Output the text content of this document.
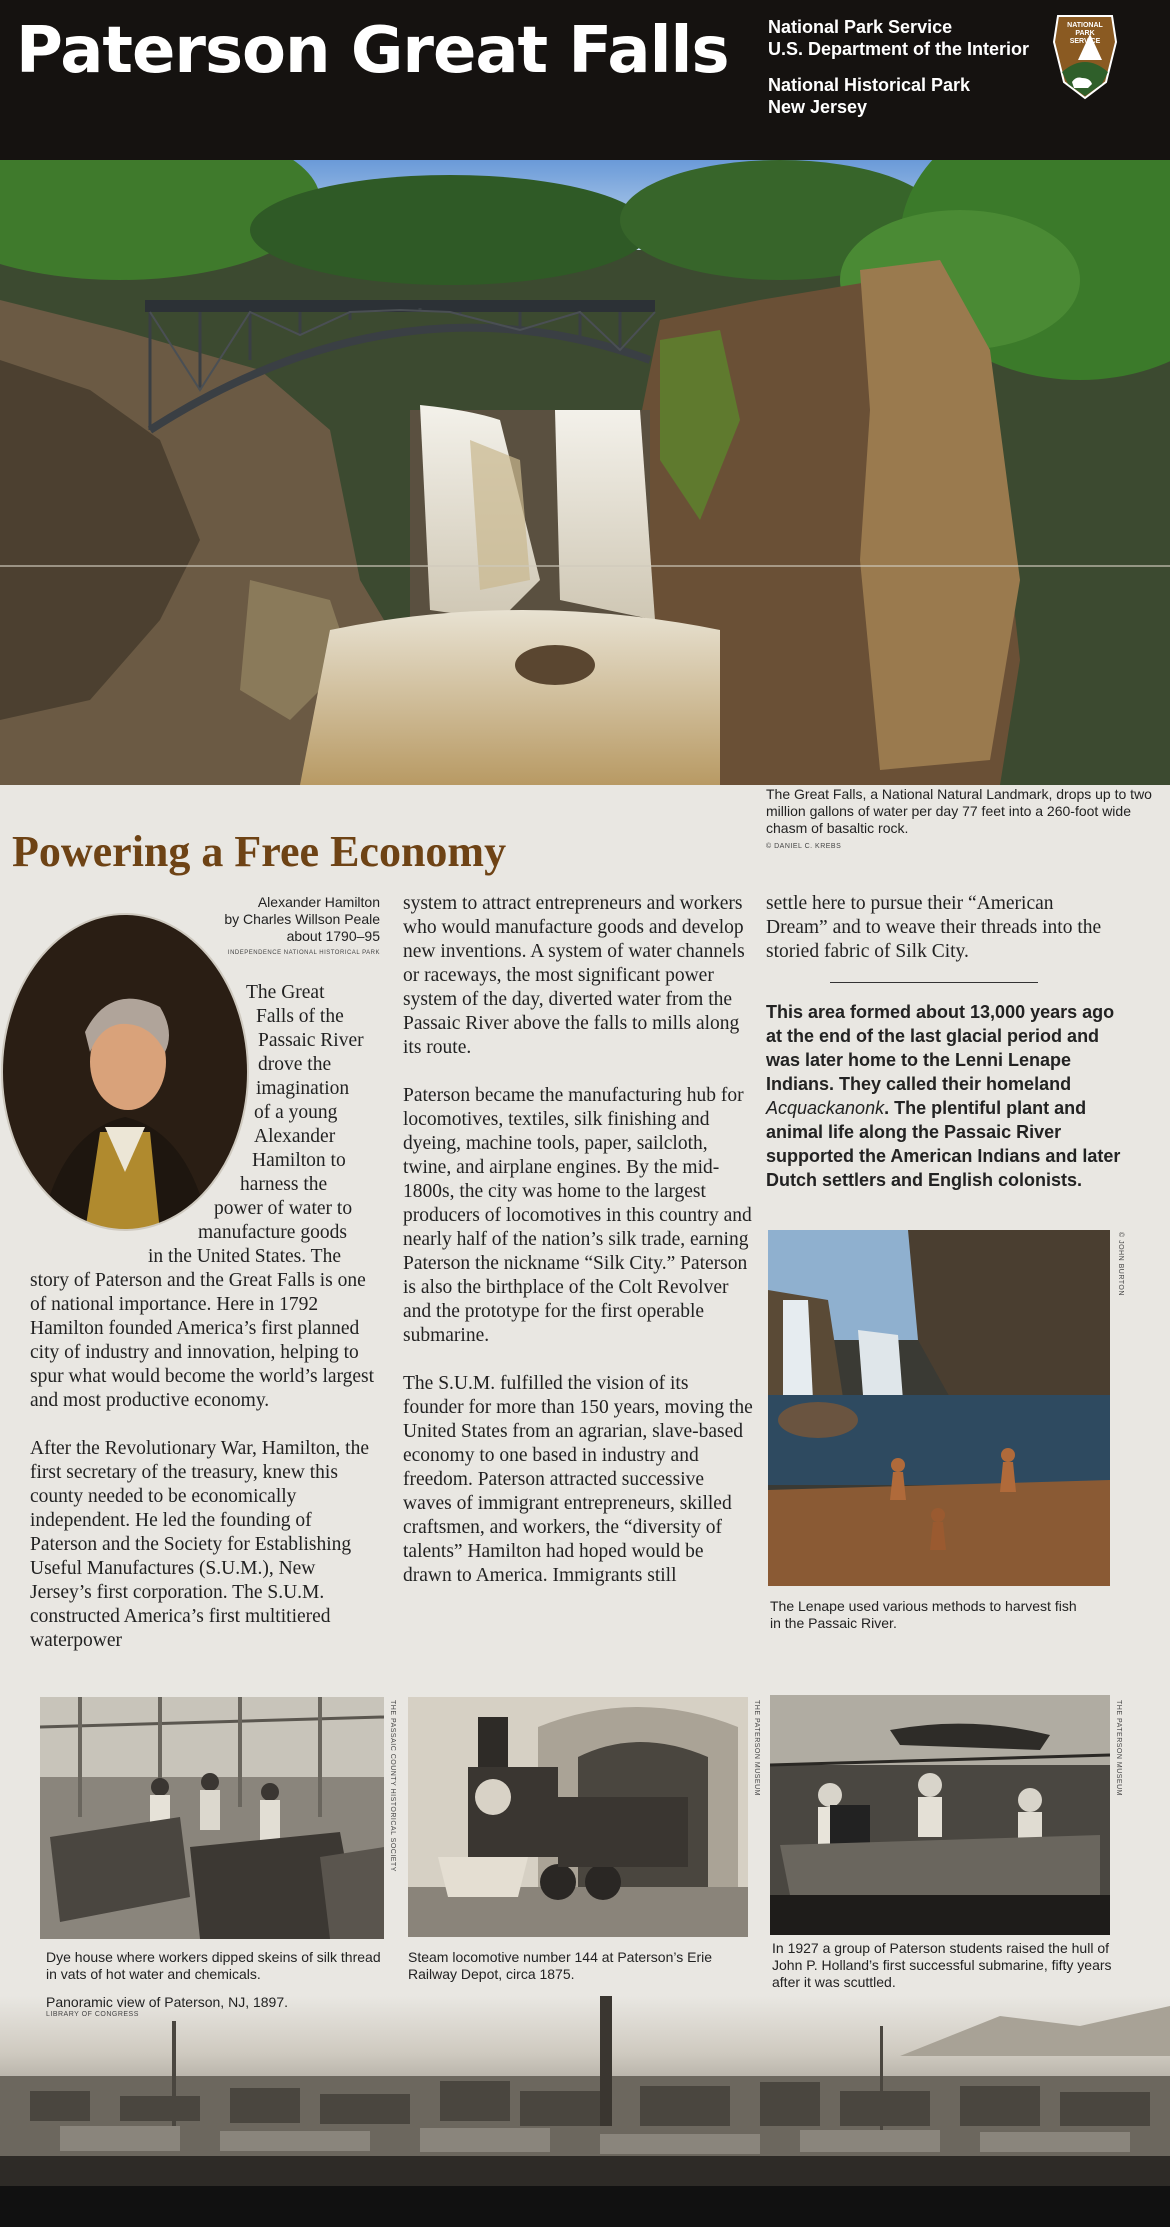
Paterson Great Falls National Park Service
U.S. Department of the Interior
National Historical Park
New Jersey
NATIONAL
PARK
SERVICE
The Great Falls, a National Natural Landmark, drops up to two million gallons of water per day 77 feet into a 260-foot wide chasm of basaltic rock.
© DANIEL C. KREBS
Powering a Free Economy
Alexander Hamilton
by Charles Willson Peale
about 1790–95
INDEPENDENCE NATIONAL HISTORICAL PARK
The Great
Falls of the
Passaic River
drove the
imagination
of a young
Alexander
Hamilton to
harness the
power of water to
manufacture goods
in the United States. The

story of Paterson and the Great Falls is one of national importance. Here in 1792 Hamilton founded America’s first planned city of industry and innovation, helping to spur what would become the world’s largest and most productive economy.

After the Revolutionary War, Hamilton, the first secretary of the treasury, knew this county needed to be economically independent. He led the founding of Paterson and the Society for Establishing Useful Manufactures (S.U.M.), New Jersey’s first corporation. The S.U.M. constructed America’s first multitiered waterpower

system to attract entrepreneurs and workers who would manufacture goods and develop new inventions. A system of water channels or raceways, the most significant power system of the day, diverted water from the Passaic River above the falls to mills along its route.

Paterson became the manufacturing hub for locomotives, textiles, silk finishing and dyeing, machine tools, paper, sailcloth, twine, and airplane engines. By the mid-1800s, the city was home to the largest producers of locomotives in this country and nearly half of the nation’s silk trade, earning Paterson the nickname “Silk City.” Paterson is also the birthplace of the Colt Revolver and the prototype for the first operable submarine.

The S.U.M. fulfilled the vision of its founder for more than 150 years, moving the United States from an agrarian, slave-based economy to one based in industry and freedom. Paterson attracted successive waves of immigrant entrepreneurs, skilled craftsmen, and workers, the “diversity of talents” Hamilton had hoped would be drawn to America. Immigrants still

settle here to pursue their “American Dream” and to weave their threads into the storied fabric of Silk City.

This area formed about 13,000 years ago at the end of the last glacial period and was later home to the Lenni Lenape Indians. They called their homeland Acquackanonk. The plentiful plant and animal life along the Passaic River supported the American Indians and later Dutch settlers and English colonists.
© JOHN BURTON
The Lenape used various methods to harvest fish in the Passaic River.
THE PASSAIC COUNTY HISTORICAL SOCIETY
Dye house where workers dipped skeins of silk thread in vats of hot water and chemicals.
THE PATERSON MUSEUM
Steam locomotive number 144 at Paterson’s Erie Railway Depot, circa 1875.
THE PATERSON MUSEUM
In 1927 a group of Paterson students raised the hull of John P. Holland’s first successful submarine, fifty years after it was scuttled.
Panoramic view of Paterson, NJ, 1897.
LIBRARY OF CONGRESS
